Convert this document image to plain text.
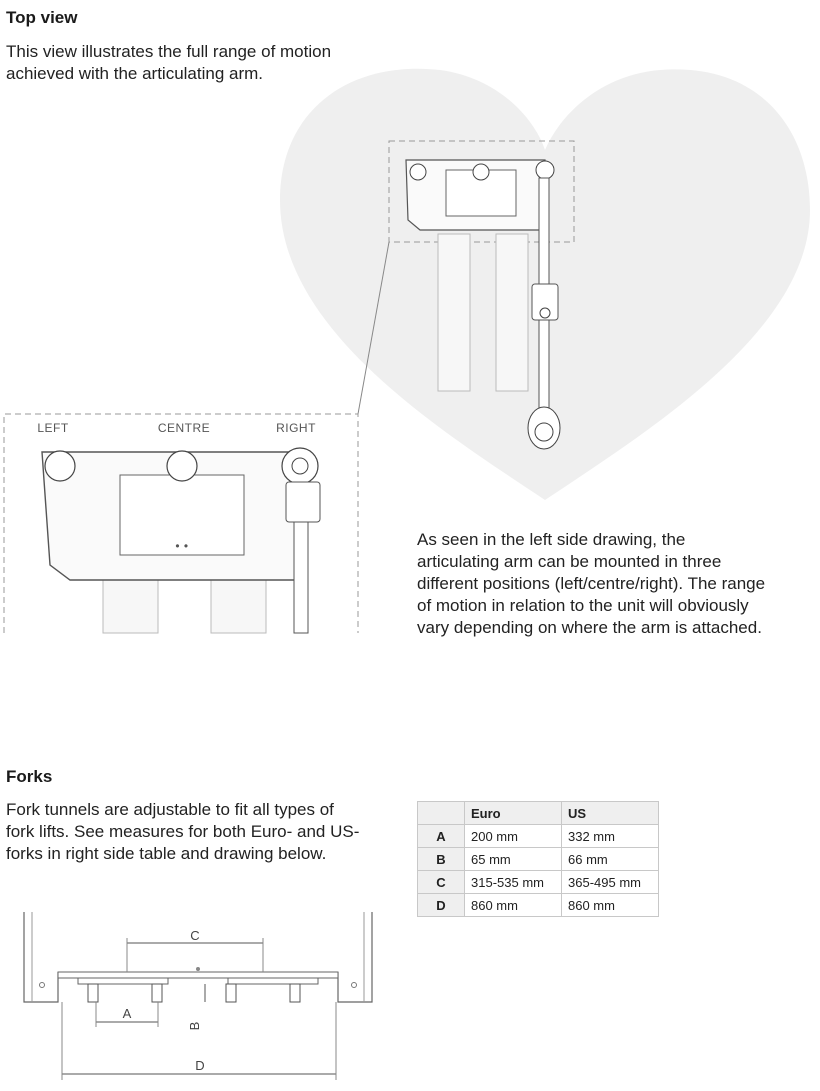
Top view

This view illustrates the full range of motion
achieved with the articulating arm.

• •
LEFT	CENTRE	RIGHT

As seen in the left side drawing, the
articulating arm can be mounted in three
different positions (left/centre/right). The range
of motion in relation to the unit will obviously
vary depending on where the arm is attached.

Forks

Fork tunnels are adjustable to fit all types of
fork lifts. See measures for both Euro- and US-
forks in right side table and drawing below.

	Euro	US
A	200 mm	332 mm
B	65 mm	66 mm
C	315-535 mm	365-495 mm
D	860 mm	860 mm
C
A
B
D
